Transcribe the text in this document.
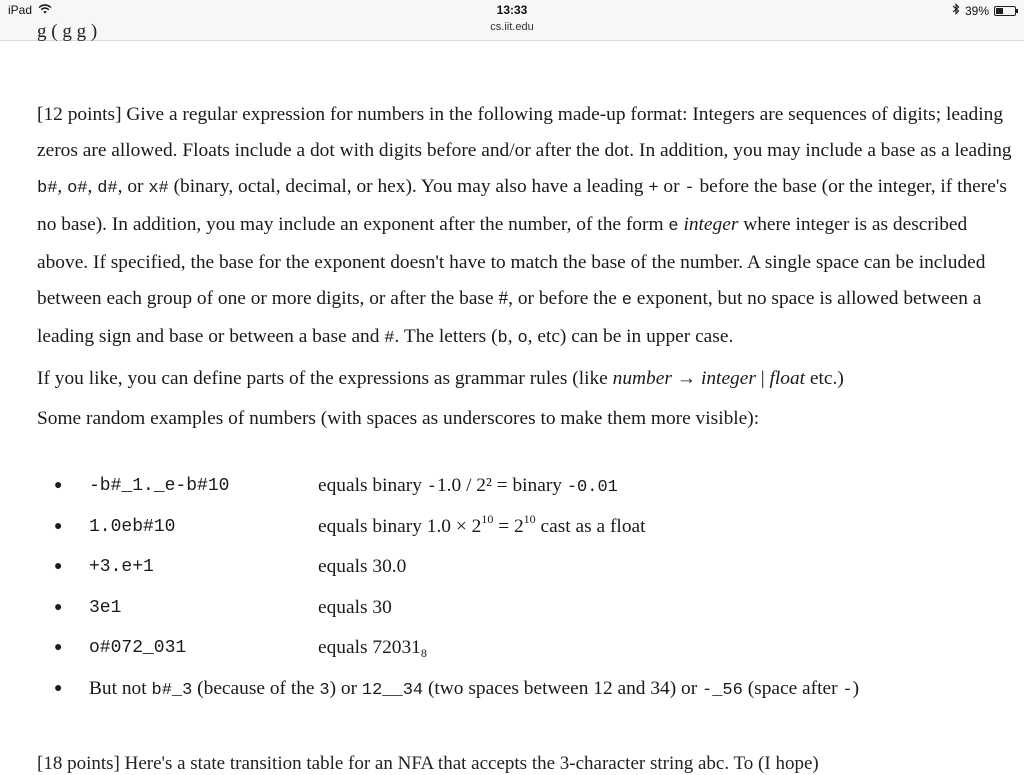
iPad	13:33
cs.iit.edu
39%
g ( g g )

[12 points] Give a regular expression for numbers in the following made-up format: Integers are sequences of digits; leading zeros are allowed. Floats include a dot with digits before and/or after the dot. In addition, you may include a base as a leading b#, o#, d#, or x# (binary, octal, decimal, or hex). You may also have a leading + or - before the base (or the integer, if there's no base). In addition, you may include an exponent after the number, of the form e integer where integer is as described above. If specified, the base for the exponent doesn't have to match the base of the number. A single space can be included between each group of one or more digits, or after the base #, or before the e exponent, but no space is allowed between a leading sign and base or between a base and #. The letters (b, o, etc) can be in upper case.

If you like, you can define parts of the expressions as grammar rules (like number → integer | float etc.)

Some random examples of numbers (with spaces as underscores to make them more visible):

● -b#_1._e-b#10	equals binary -1.0 / 2² = binary -0.01
● 1.0eb#10	equals binary $1.0 \times 2^{10} = 2^{10}$ cast as a float
● +3.e+1	equals 30.0
● 3e1	equals 30
● o#072_031	equals $72031_8$
● But not b#_3 (because of the 3) or 12__34 (two spaces between 12 and 34) or -_56 (space after -)
[18 points] Here's a state transition table for an NFA that accepts the 3-character string abc. To (I hope)
